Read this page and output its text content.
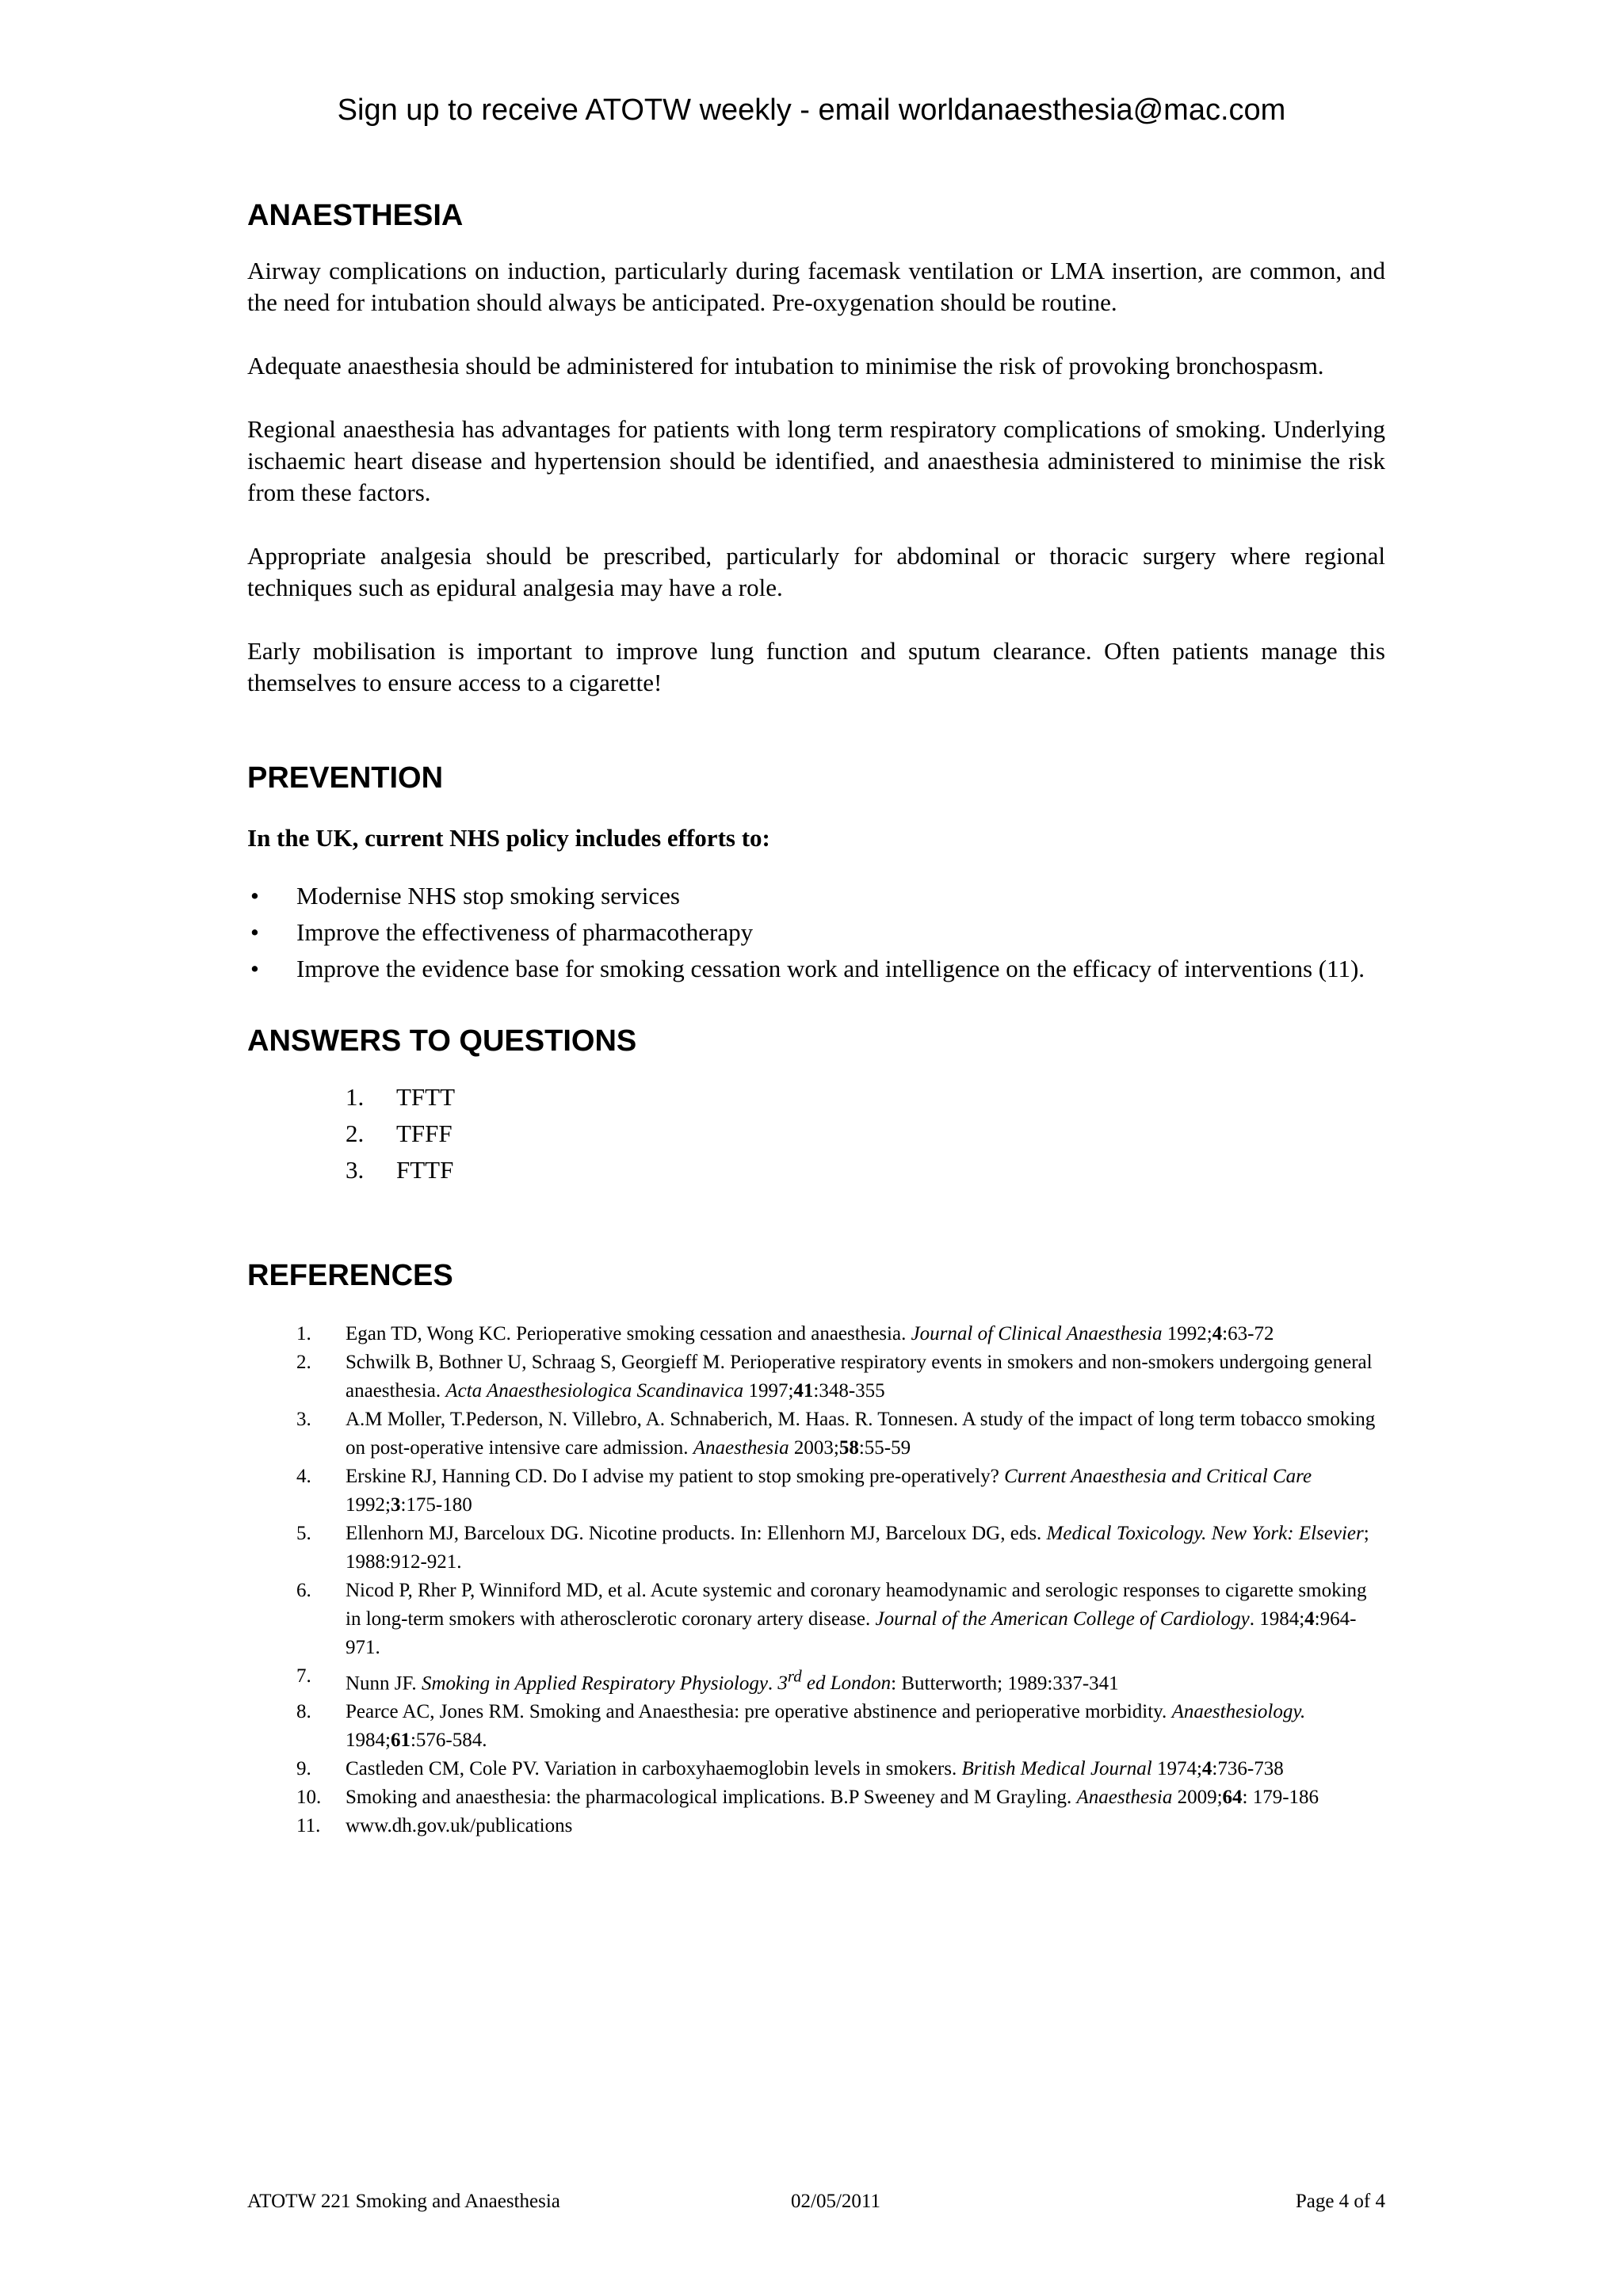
Sign up to receive ATOTW weekly - email worldanaesthesia@mac.com
ANAESTHESIA

Airway complications on induction, particularly during facemask ventilation or LMA insertion, are common, and the need for intubation should always be anticipated. Pre-oxygenation should be routine.

Adequate anaesthesia should be administered for intubation to minimise the risk of provoking bronchospasm.

Regional anaesthesia has advantages for patients with long term respiratory complications of smoking. Underlying ischaemic heart disease and hypertension should be identified, and anaesthesia administered to minimise the risk from these factors.

Appropriate analgesia should be prescribed, particularly for abdominal or thoracic surgery where regional techniques such as epidural analgesia may have a role.

Early mobilisation is important to improve lung function and sputum clearance. Often patients manage this themselves to ensure access to a cigarette!

PREVENTION

In the UK, current NHS policy includes efforts to:

• Modernise NHS stop smoking services
• Improve the effectiveness of pharmacotherapy
• Improve the evidence base for smoking cessation work and intelligence on the efficacy of interventions (11).
ANSWERS TO QUESTIONS
1. TFTT
2. TFFF
3. FTTF
REFERENCES
1. Egan TD, Wong KC. Perioperative smoking cessation and anaesthesia. Journal of Clinical Anaesthesia 1992;4:63-72
2. Schwilk B, Bothner U, Schraag S, Georgieff M. Perioperative respiratory events in smokers and non-smokers undergoing general anaesthesia. Acta Anaesthesiologica Scandinavica 1997;41:348-355
3. A.M Moller, T.Pederson, N. Villebro, A. Schnaberich, M. Haas. R. Tonnesen. A study of the impact of long term tobacco smoking on post-operative intensive care admission. Anaesthesia 2003;58:55-59
4. Erskine RJ, Hanning CD. Do I advise my patient to stop smoking pre-operatively? Current Anaesthesia and Critical Care 1992;3:175-180
5. Ellenhorn MJ, Barceloux DG. Nicotine products. In: Ellenhorn MJ, Barceloux DG, eds. Medical Toxicology. New York: Elsevier; 1988:912-921.
6. Nicod P, Rher P, Winniford MD, et al. Acute systemic and coronary heamodynamic and serologic responses to cigarette smoking in long-term smokers with atherosclerotic coronary artery disease. Journal of the American College of Cardiology. 1984;4:964-971.
7. Nunn JF. Smoking in Applied Respiratory Physiology. 3rd ed London: Butterworth; 1989:337-341
8. Pearce AC, Jones RM. Smoking and Anaesthesia: pre operative abstinence and perioperative morbidity. Anaesthesiology. 1984;61:576-584.
9. Castleden CM, Cole PV. Variation in carboxyhaemoglobin levels in smokers. British Medical Journal 1974;4:736-738
10. Smoking and anaesthesia: the pharmacological implications. B.P Sweeney and M Grayling. Anaesthesia 2009;64: 179-186
11. www.dh.gov.uk/publications
ATOTW 221 Smoking and Anaesthesia	02/05/2011	Page 4 of 4
